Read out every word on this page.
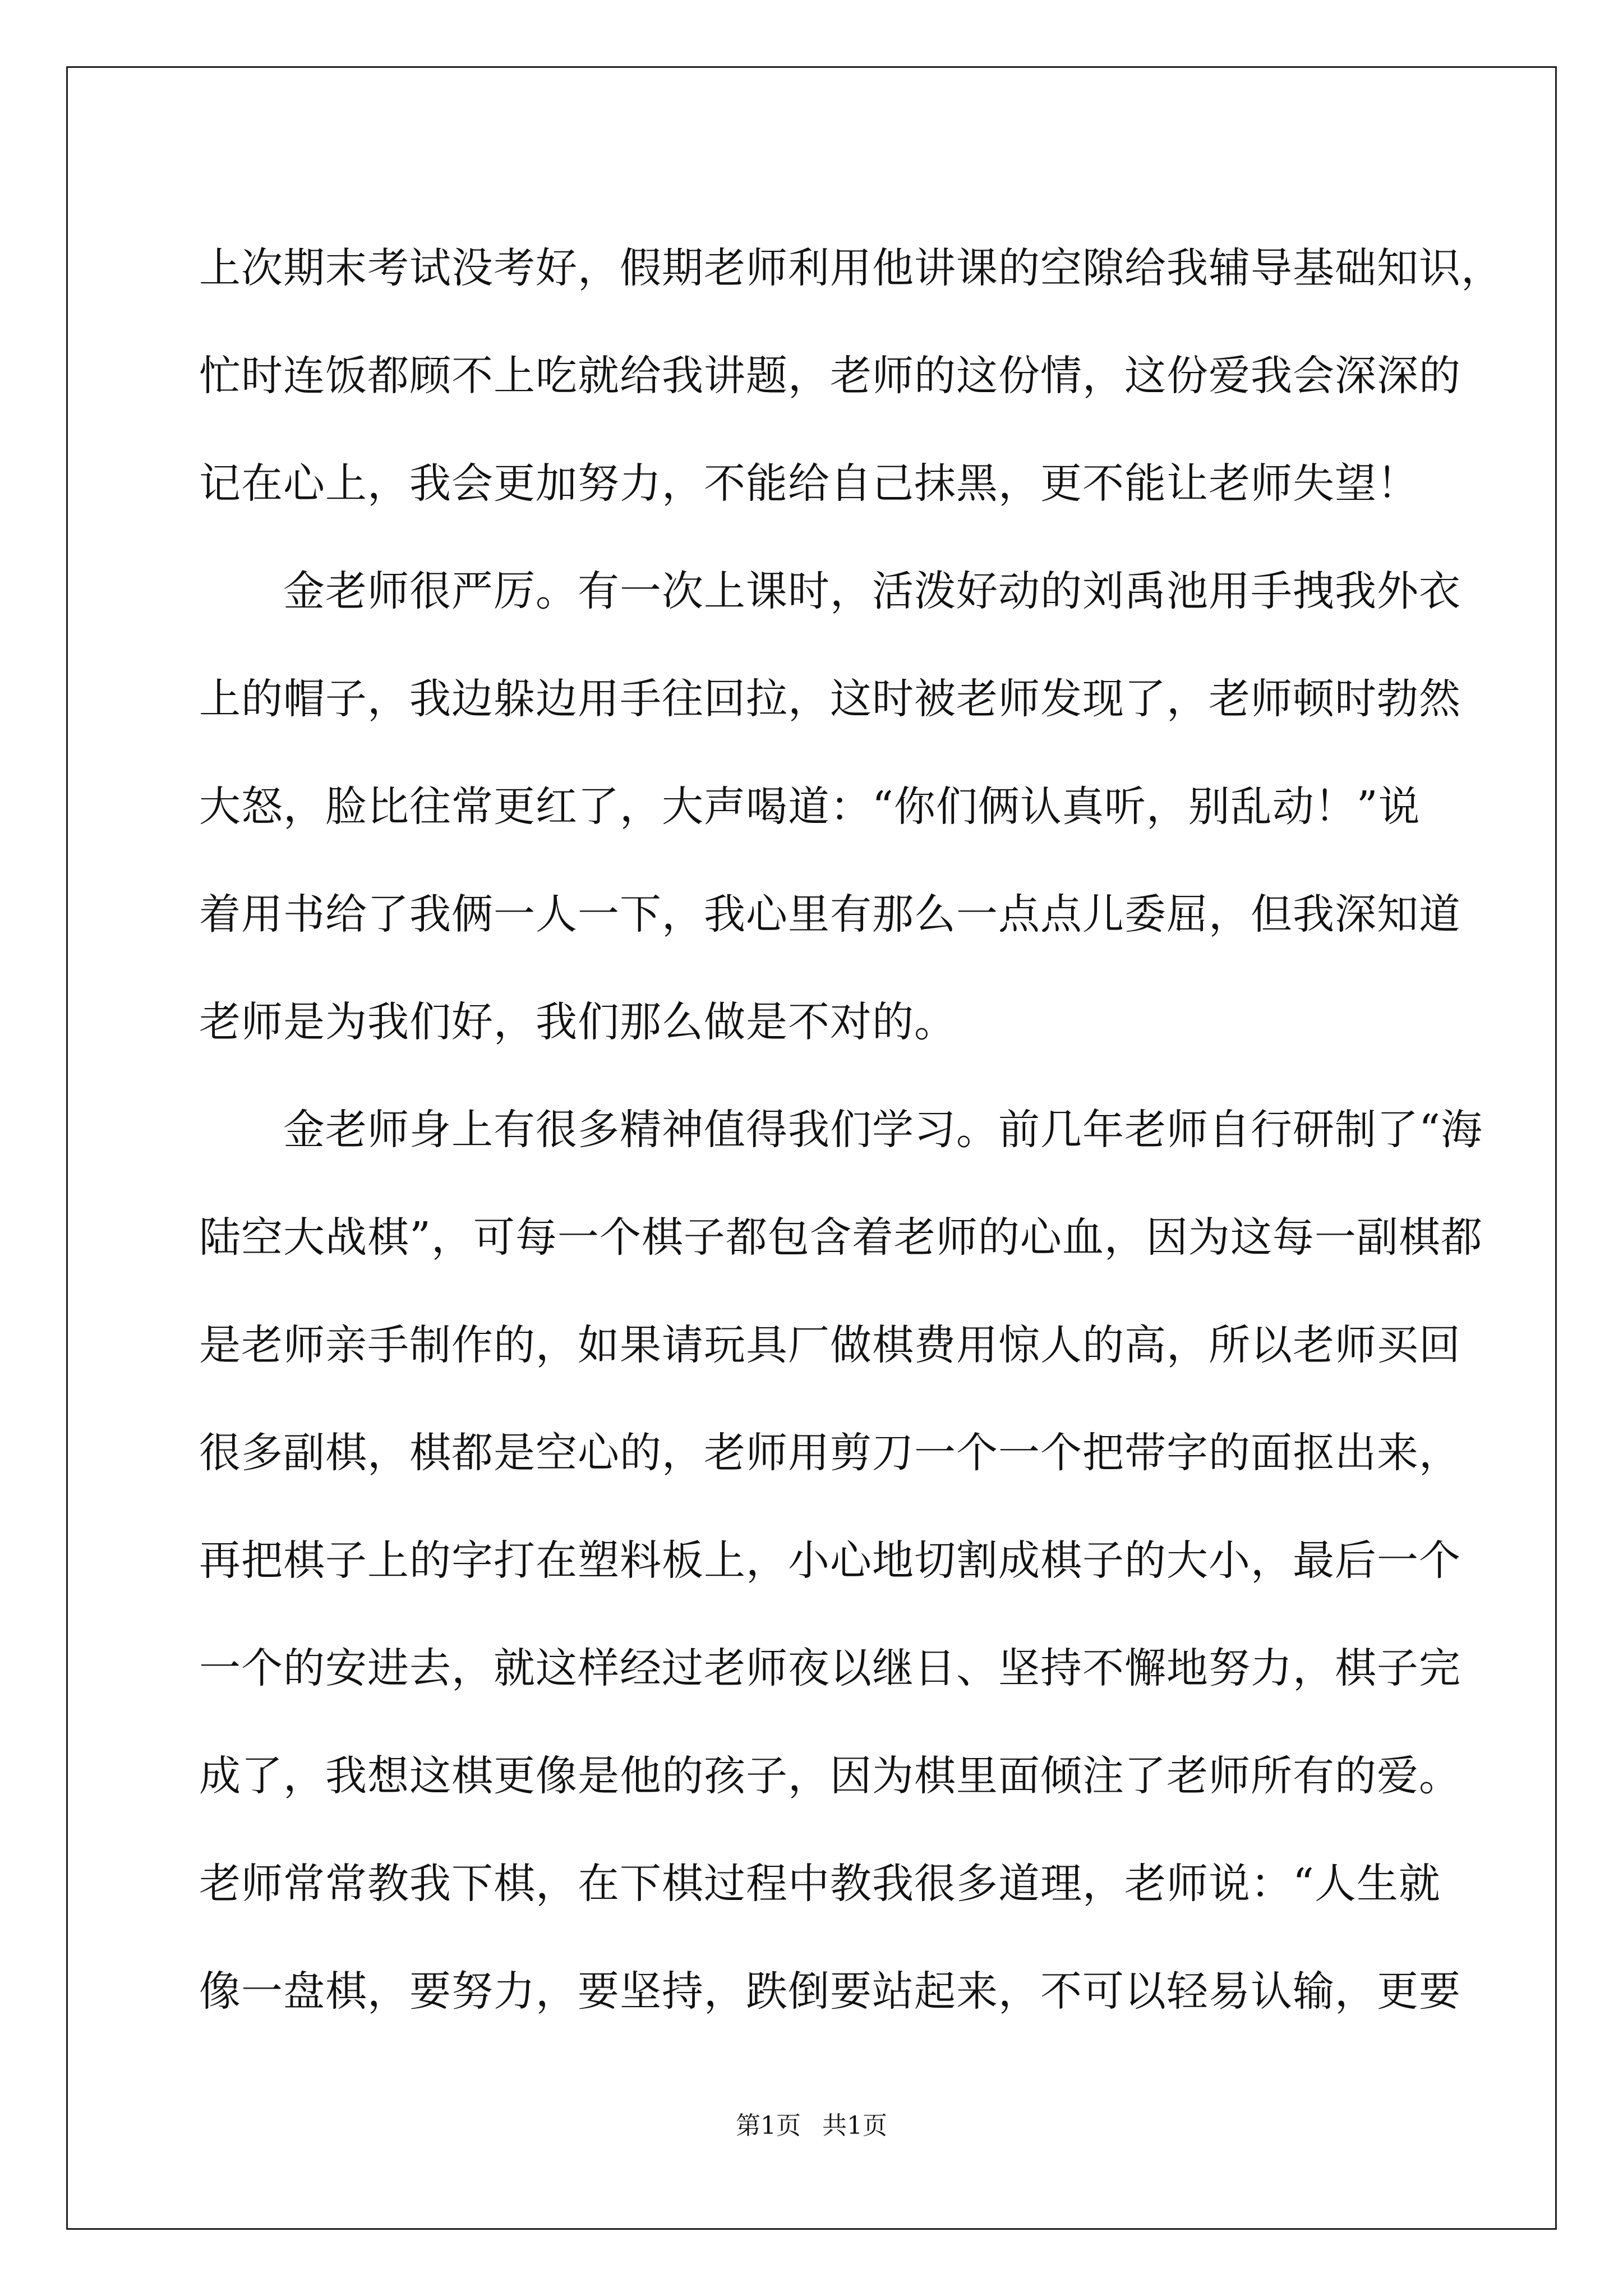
上次期末考试没考好，假期老师利用他讲课的空隙给我辅导基础知识，
忙时连饭都顾不上吃就给我讲题，老师的这份情，这份爱我会深深的
记在心上，我会更加努力，不能给自己抹黑，更不能让老师失望！
金老师很严厉。有一次上课时，活泼好动的刘禹池用手拽我外衣
上的帽子，我边躲边用手往回拉，这时被老师发现了，老师顿时勃然
大怒，脸比往常更红了，大声喝道：“你们俩认真听，别乱动！”说
着用书给了我俩一人一下，我心里有那么一点点儿委屈，但我深知道
老师是为我们好，我们那么做是不对的。
金老师身上有很多精神值得我们学习。前几年老师自行研制了“海
陆空大战棋”，可每一个棋子都包含着老师的心血，因为这每一副棋都
是老师亲手制作的，如果请玩具厂做棋费用惊人的高，所以老师买回
很多副棋，棋都是空心的，老师用剪刀一个一个把带字的面抠出来，
再把棋子上的字打在塑料板上，小心地切割成棋子的大小，最后一个
一个的安进去，就这样经过老师夜以继日、坚持不懈地努力，棋子完
成了，我想这棋更像是他的孩子，因为棋里面倾注了老师所有的爱。
老师常常教我下棋，在下棋过程中教我很多道理，老师说：“人生就
像一盘棋，要努力，要坚持，跌倒要站起来，不可以轻易认输，更要
第1页 共1页
